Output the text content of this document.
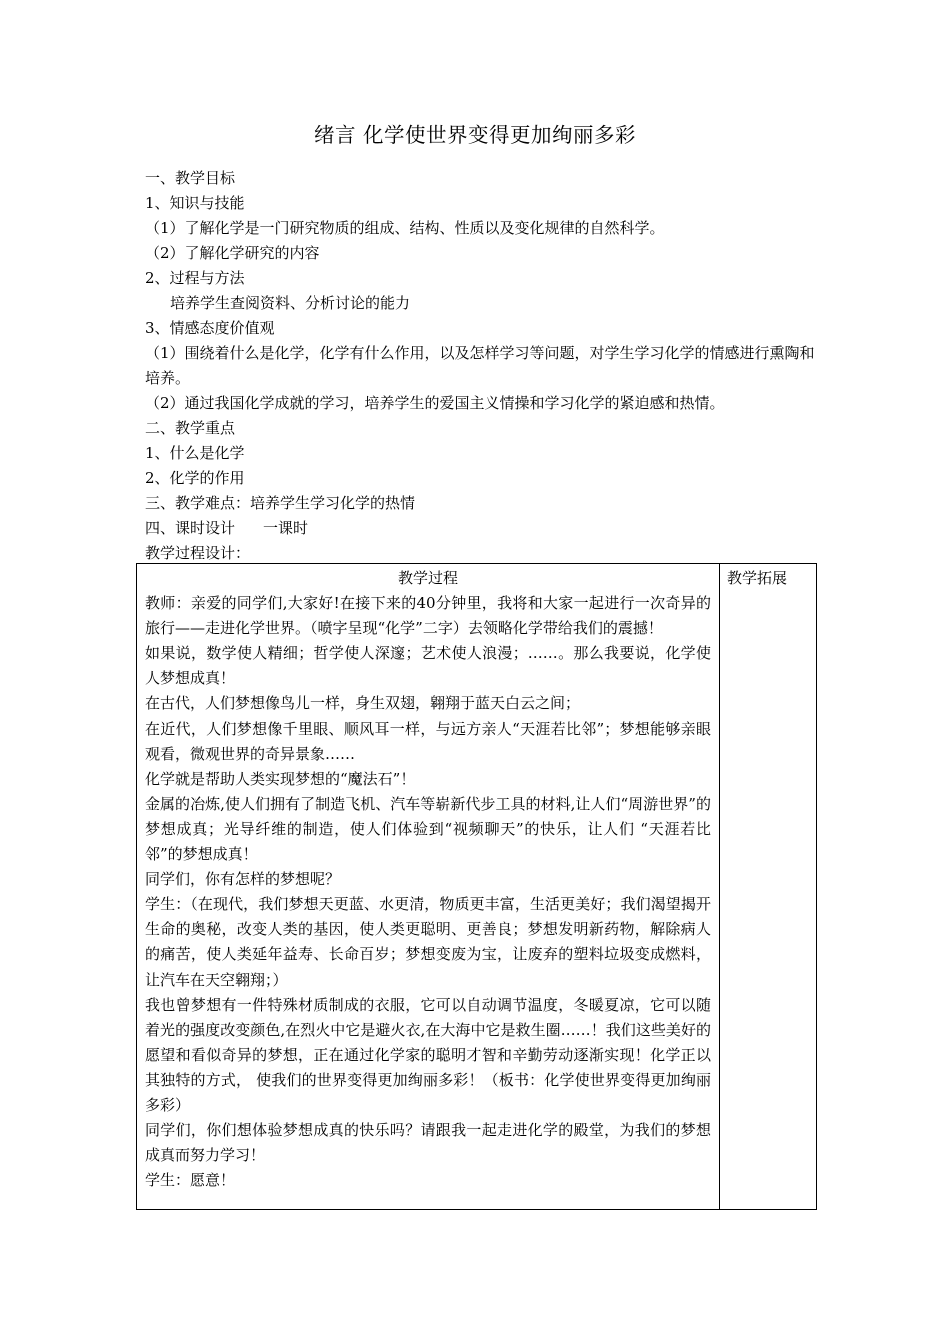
绪言 化学使世界变得更加绚丽多彩
一、教学目标
1、知识与技能
（1）了解化学是一门研究物质的组成、结构、性质以及变化规律的自然科学。
（2）了解化学研究的内容
2、过程与方法
培养学生查阅资料、分析讨论的能力
3、情感态度价值观
（1）围绕着什么是化学，化学有什么作用，以及怎样学习等问题，对学生学习化学的情感进行熏陶和培养。
（2）通过我国化学成就的学习，培养学生的爱国主义情操和学习化学的紧迫感和热情。
二、教学重点
1、什么是化学
2、化学的作用
三、教学难点：培养学生学习化学的热情
四、课时设计 一课时
教学过程设计：
教学过程
教师：亲爱的同学们,大家好!在接下来的40分钟里，我将和大家一起进行一次奇异的旅行——走进化学世界。（喷字呈现“化学”二字）去领略化学带给我们的震撼！
如果说，数学使人精细；哲学使人深邃；艺术使人浪漫；……。那么我要说，化学使人梦想成真！
在古代，人们梦想像鸟儿一样，身生双翅，翱翔于蓝天白云之间；
在近代，人们梦想像千里眼、顺风耳一样，与远方亲人“天涯若比邻”；梦想能够亲眼观看，微观世界的奇异景象……
化学就是帮助人类实现梦想的“魔法石”！
金属的冶炼,使人们拥有了制造飞机、汽车等崭新代步工具的材料,让人们“周游世界”的梦想成真；光导纤维的制造，使人们体验到“视频聊天”的快乐，让人们 “天涯若比邻”的梦想成真！
同学们，你有怎样的梦想呢？
学生：（在现代，我们梦想天更蓝、水更清，物质更丰富，生活更美好；我们渴望揭开生命的奥秘，改变人类的基因，使人类更聪明、更善良；梦想发明新药物，解除病人的痛苦，使人类延年益寿、长命百岁；梦想变废为宝，让废弃的塑料垃圾变成燃料，让汽车在天空翱翔；）
我也曾梦想有一件特殊材质制成的衣服，它可以自动调节温度，冬暖夏凉，它可以随着光的强度改变颜色,在烈火中它是避火衣,在大海中它是救生圈……！我们这些美好的愿望和看似奇异的梦想，正在通过化学家的聪明才智和辛勤劳动逐渐实现！化学正以其独特的方式， 使我们的世界变得更加绚丽多彩！（板书：化学使世界变得更加绚丽多彩）
同学们，你们想体验梦想成真的快乐吗？请跟我一起走进化学的殿堂，为我们的梦想成真而努力学习！
学生：愿意！
教学拓展
